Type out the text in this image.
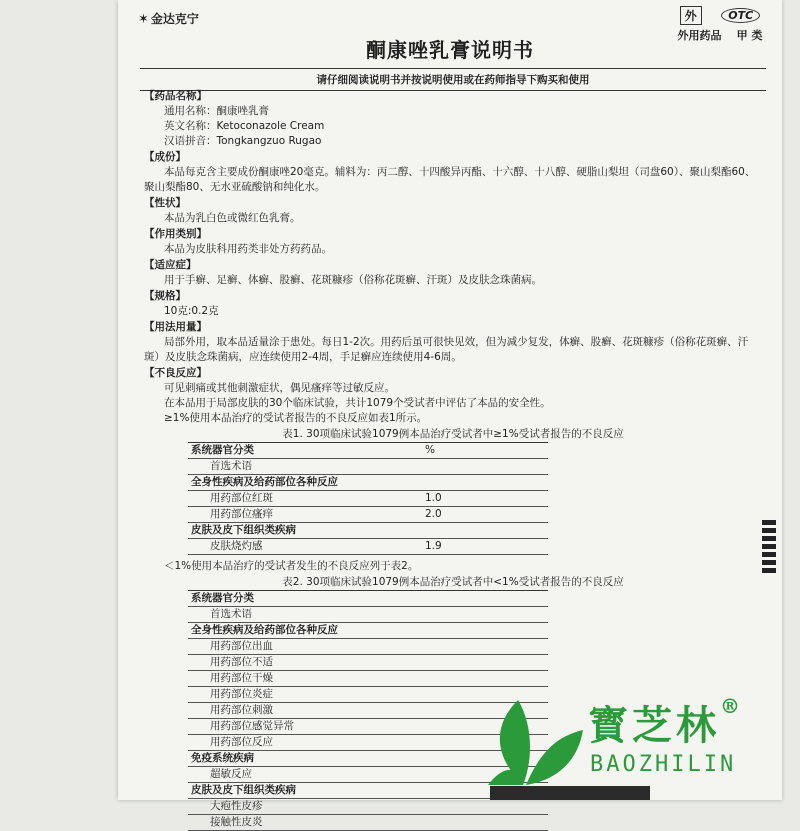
✶ 金达克宁	外	OTC
外用药品 甲 类
酮康唑乳膏说明书
请仔细阅读说明书并按说明使用或在药师指导下购买和使用
【药品名称】
通用名称：酮康唑乳膏
英文名称：Ketoconazole Cream
汉语拼音：Tongkangzuo Rugao
【成份】
本品每克含主要成份酮康唑20毫克。辅料为：丙二醇、十四酸异丙酯、十六醇、十八醇、硬脂山梨坦（司盘60）、聚山梨酯60、聚山梨酯80、无水亚硫酸钠和纯化水。
【性状】
本品为乳白色或微红色乳膏。
【作用类别】
本品为皮肤科用药类非处方药药品。
【适应症】
用于手癣、足癣、体癣、股癣、花斑糠疹（俗称花斑癣、汗斑）及皮肤念珠菌病。
【规格】
10克:0.2克
【用法用量】
局部外用，取本品适量涂于患处。每日1-2次。用药后虽可很快见效，但为减少复发，体癣、股癣、花斑糠疹（俗称花斑癣、汗斑）及皮肤念珠菌病，应连续使用2-4周，手足癣应连续使用4-6周。
【不良反应】
可见刺痛或其他刺激症状，偶见瘙痒等过敏反应。
在本品用于局部皮肤的30个临床试验，共计1079个受试者中评估了本品的安全性。
≥1%使用本品治疗的受试者报告的不良反应如表1所示。
表1. 30项临床试验1079例本品治疗受试者中≥1%受试者报告的不良反应
系统器官分类	%
首选术语	
全身性疾病及给药部位各种反应	
用药部位红斑	1.0
用药部位瘙痒	2.0
皮肤及皮下组织类疾病	
皮肤烧灼感	1.9
＜1%使用本品治疗的受试者发生的不良反应列于表2。
表2. 30项临床试验1079例本品治疗受试者中<1%受试者报告的不良反应
系统器官分类	
首选术语	
全身性疾病及给药部位各种反应	
用药部位出血	
用药部位不适	
用药部位干燥	
用药部位炎症	
用药部位刺激	
用药部位感觉异常	
用药部位反应	
免疫系统疾病	
超敏反应	
皮肤及皮下组织类疾病	
大疱性皮疹	
接触性皮炎	
寳芝林®
BAOZHILIN
